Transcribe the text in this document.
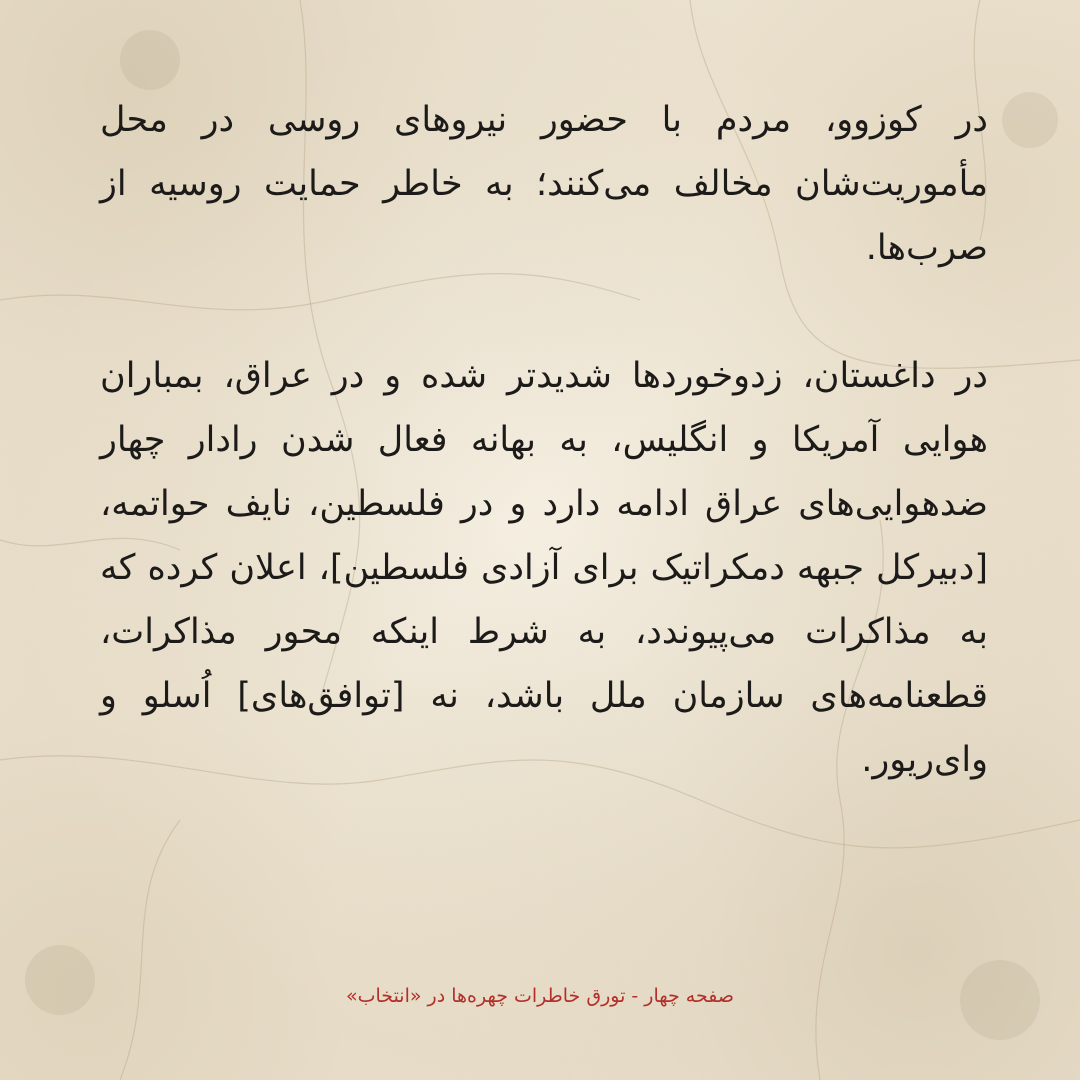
در کوزوو، مردم با حضور نیروهای روسی در محل مأموریت‌شان مخالف می‌کنند؛ به خاطر حمایت روسیه از صرب‌ها.

در داغستان، زدوخوردها شدیدتر شده و در عراق، بمباران هوایی آمریکا و انگلیس، به بهانه فعال شدن رادار چهار ضدهوایی‌های عراق ادامه دارد و در فلسطین، نایف حواتمه، [دبیرکل جبهه دمکراتیک برای آزادی فلسطین]، اعلان کرده که به مذاکرات می‌پیوندد، به شرط اینکه محور مذاکرات، قطعنامه‌های سازمان ملل باشد، نه [توافق‌های] اُسلو و وای‌ریور.

صفحه چهار - تورق خاطرات چهره‌ها در «انتخاب»
